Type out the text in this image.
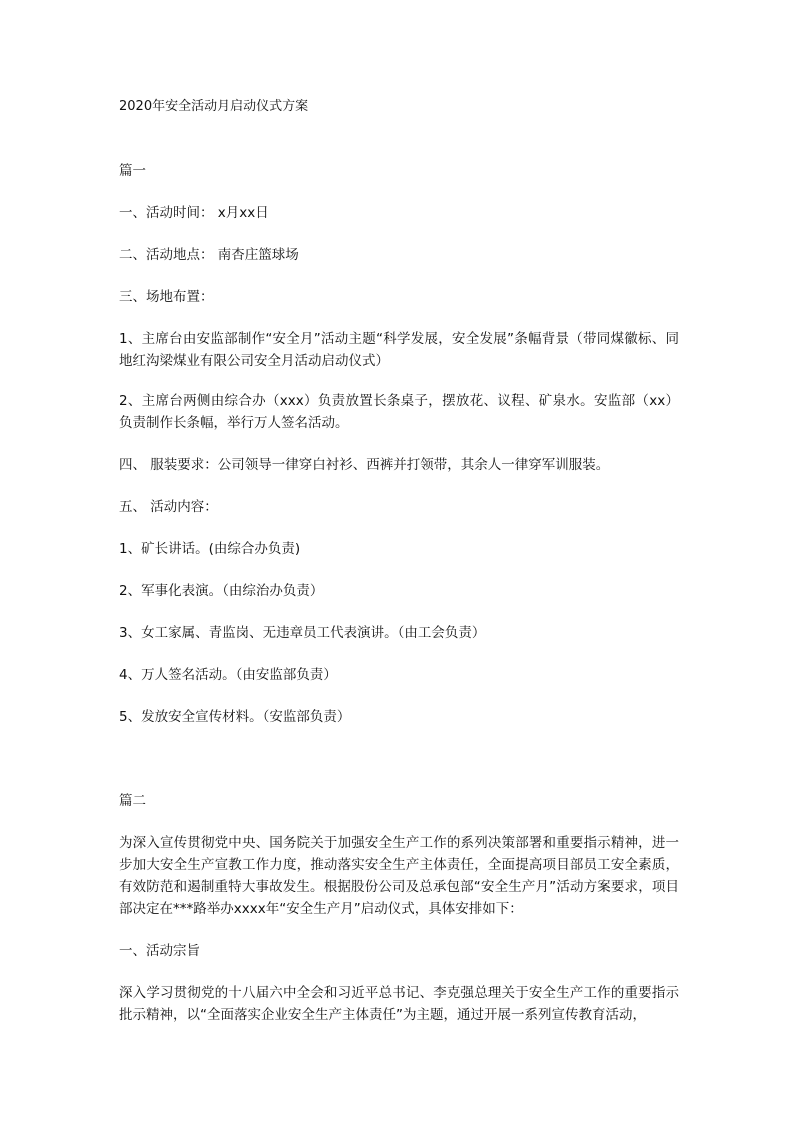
2020年安全活动月启动仪式方案

篇一

一、活动时间： x月xx日

二、活动地点： 南杏庄篮球场

三、场地布置：

1、主席台由安监部制作“安全月”活动主题“科学发展，安全发展”条幅背景（带同煤徽标、同地红沟梁煤业有限公司安全月活动启动仪式）

2、主席台两侧由综合办（xxx）负责放置长条桌子，摆放花、议程、矿泉水。安监部（xx）负责制作长条幅，举行万人签名活动。

四、 服装要求：公司领导一律穿白衬衫、西裤并打领带，其余人一律穿军训服装。

五、 活动内容：

1、矿长讲话。(由综合办负责)

2、军事化表演。（由综治办负责）

3、女工家属、青监岗、无违章员工代表演讲。（由工会负责）

4、万人签名活动。（由安监部负责）

5、发放安全宣传材料。（安监部负责）

篇二

为深入宣传贯彻党中央、国务院关于加强安全生产工作的系列决策部署和重要指示精神，进一步加大安全生产宣教工作力度，推动落实安全生产主体责任，全面提高项目部员工安全素质，有效防范和遏制重特大事故发生。根据股份公司及总承包部“安全生产月”活动方案要求，项目部决定在***路举办xxxx年“安全生产月”启动仪式，具体安排如下：

一、活动宗旨

深入学习贯彻党的十八届六中全会和习近平总书记、李克强总理关于安全生产工作的重要指示批示精神，以“全面落实企业安全生产主体责任”为主题，通过开展一系列宣传教育活动，
